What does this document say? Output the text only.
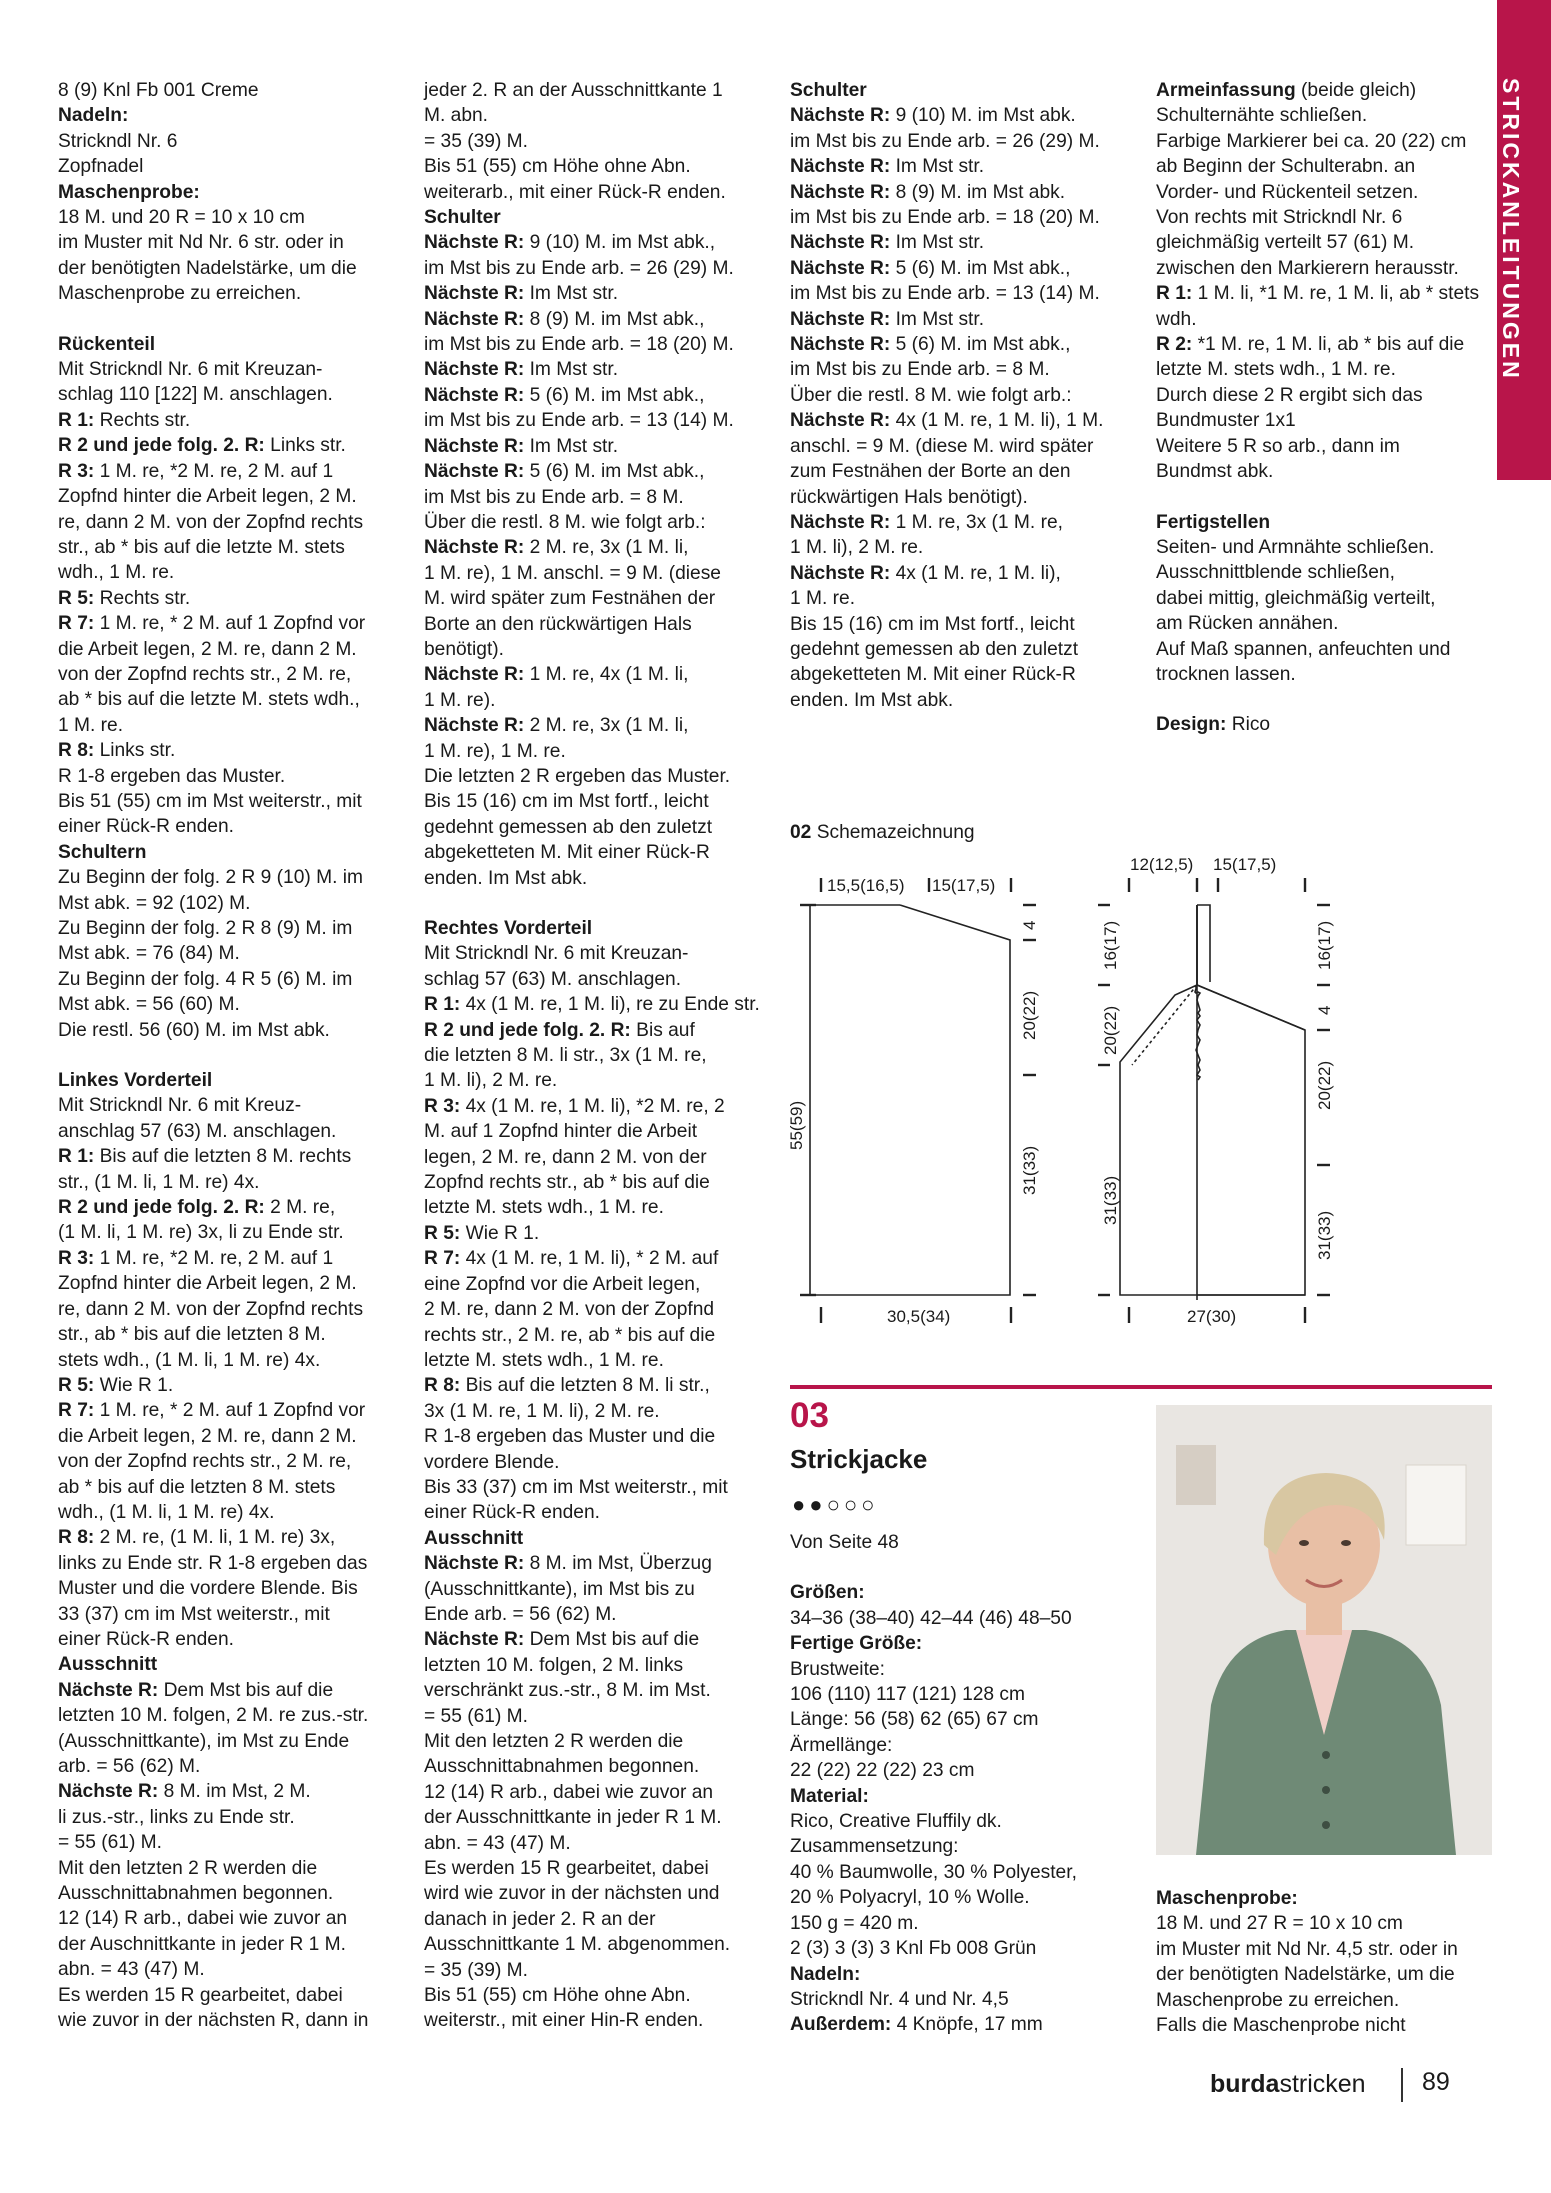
STRICKANLEITUNGEN

8 (9) Knl Fb 001 Creme

Nadeln:

Strickndl Nr. 6

Zopfnadel

Maschenprobe:

18 M. und 20 R = 10 x 10 cm

im Muster mit Nd Nr. 6 str. oder in

der benötigten Nadelstärke, um die

Maschenprobe zu erreichen.

Rückenteil

Mit Strickndl Nr. 6 mit Kreuzan-

schlag 110 [122] M. anschlagen.

R 1: Rechts str.

R 2 und jede folg. 2. R: Links str.

R 3: 1 M. re, *2 M. re, 2 M. auf 1

Zopfnd hinter die Arbeit legen, 2 M.

re, dann 2 M. von der Zopfnd rechts

str., ab * bis auf die letzte M. stets

wdh., 1 M. re.

R 5: Rechts str.

R 7: 1 M. re, * 2 M. auf 1 Zopfnd vor

die Arbeit legen, 2 M. re, dann 2 M.

von der Zopfnd rechts str., 2 M. re,

ab * bis auf die letzte M. stets wdh.,

1 M. re.

R 8: Links str.

R 1-8 ergeben das Muster.

Bis 51 (55) cm im Mst weiterstr., mit

einer Rück-R enden.

Schultern

Zu Beginn der folg. 2 R 9 (10) M. im

Mst abk. = 92 (102) M.

Zu Beginn der folg. 2 R 8 (9) M. im

Mst abk. = 76 (84) M.

Zu Beginn der folg. 4 R 5 (6) M. im

Mst abk. = 56 (60) M.

Die restl. 56 (60) M. im Mst abk.

Linkes Vorderteil

Mit Strickndl Nr. 6 mit Kreuz-

anschlag 57 (63) M. anschlagen.

R 1: Bis auf die letzten 8 M. rechts

str., (1 M. li, 1 M. re) 4x.

R 2 und jede folg. 2. R: 2 M. re,

(1 M. li, 1 M. re) 3x, li zu Ende str.

R 3: 1 M. re, *2 M. re, 2 M. auf 1

Zopfnd hinter die Arbeit legen, 2 M.

re, dann 2 M. von der Zopfnd rechts

str., ab * bis auf die letzten 8 M.

stets wdh., (1 M. li, 1 M. re) 4x.

R 5: Wie R 1.

R 7: 1 M. re, * 2 M. auf 1 Zopfnd vor

die Arbeit legen, 2 M. re, dann 2 M.

von der Zopfnd rechts str., 2 M. re,

ab * bis auf die letzten 8 M. stets

wdh., (1 M. li, 1 M. re) 4x.

R 8: 2 M. re, (1 M. li, 1 M. re) 3x,

links zu Ende str. R 1-8 ergeben das

Muster und die vordere Blende. Bis

33 (37) cm im Mst weiterstr., mit

einer Rück-R enden.

Ausschnitt

Nächste R: Dem Mst bis auf die

letzten 10 M. folgen, 2 M. re zus.-str.

(Ausschnittkante), im Mst zu Ende

arb. = 56 (62) M.

Nächste R: 8 M. im Mst, 2 M.

li zus.-str., links zu Ende str.

= 55 (61) M.

Mit den letzten 2 R werden die

Ausschnittabnahmen begonnen.

12 (14) R arb., dabei wie zuvor an

der Auschnittkante in jeder R 1 M.

abn. = 43 (47) M.

Es werden 15 R gearbeitet, dabei

wie zuvor in der nächsten R, dann in

jeder 2. R an der Ausschnittkante 1

M. abn.

= 35 (39) M.

Bis 51 (55) cm Höhe ohne Abn.

weiterarb., mit einer Rück-R enden.

Schulter

Nächste R: 9 (10) M. im Mst abk.,

im Mst bis zu Ende arb. = 26 (29) M.

Nächste R: Im Mst str.

Nächste R: 8 (9) M. im Mst abk.,

im Mst bis zu Ende arb. = 18 (20) M.

Nächste R: Im Mst str.

Nächste R: 5 (6) M. im Mst abk.,

im Mst bis zu Ende arb. = 13 (14) M.

Nächste R: Im Mst str.

Nächste R: 5 (6) M. im Mst abk.,

im Mst bis zu Ende arb. = 8 M.

Über die restl. 8 M. wie folgt arb.:

Nächste R: 2 M. re, 3x (1 M. li,

1 M. re), 1 M. anschl. = 9 M. (diese

M. wird später zum Festnähen der

Borte an den rückwärtigen Hals

benötigt).

Nächste R: 1 M. re, 4x (1 M. li,

1 M. re).

Nächste R: 2 M. re, 3x (1 M. li,

1 M. re), 1 M. re.

Die letzten 2 R ergeben das Muster.

Bis 15 (16) cm im Mst fortf., leicht

gedehnt gemessen ab den zuletzt

abgeketteten M. Mit einer Rück-R

enden. Im Mst abk.

Rechtes Vorderteil

Mit Strickndl Nr. 6 mit Kreuzan-

schlag 57 (63) M. anschlagen.

R 1: 4x (1 M. re, 1 M. li), re zu Ende str.

R 2 und jede folg. 2. R: Bis auf

die letzten 8 M. li str., 3x (1 M. re,

1 M. li), 2 M. re.

R 3: 4x (1 M. re, 1 M. li), *2 M. re, 2

M. auf 1 Zopfnd hinter die Arbeit

legen, 2 M. re, dann 2 M. von der

Zopfnd rechts str., ab * bis auf die

letzte M. stets wdh., 1 M. re.

R 5: Wie R 1.

R 7: 4x (1 M. re, 1 M. li), * 2 M. auf

eine Zopfnd vor die Arbeit legen,

2 M. re, dann 2 M. von der Zopfnd

rechts str., 2 M. re, ab * bis auf die

letzte M. stets wdh., 1 M. re.

R 8: Bis auf die letzten 8 M. li str.,

3x (1 M. re, 1 M. li), 2 M. re.

R 1-8 ergeben das Muster und die

vordere Blende.

Bis 33 (37) cm im Mst weiterstr., mit

einer Rück-R enden.

Ausschnitt

Nächste R: 8 M. im Mst, Überzug

(Ausschnittkante), im Mst bis zu

Ende arb. = 56 (62) M.

Nächste R: Dem Mst bis auf die

letzten 10 M. folgen, 2 M. links

verschränkt zus.-str., 8 M. im Mst.

= 55 (61) M.

Mit den letzten 2 R werden die

Ausschnittabnahmen begonnen.

12 (14) R arb., dabei wie zuvor an

der Ausschnittkante in jeder R 1 M.

abn. = 43 (47) M.

Es werden 15 R gearbeitet, dabei

wird wie zuvor in der nächsten und

danach in jeder 2. R an der

Ausschnittkante 1 M. abgenommen.

= 35 (39) M.

Bis 51 (55) cm Höhe ohne Abn.

weiterstr., mit einer Hin-R enden.

Schulter

Nächste R: 9 (10) M. im Mst abk.

im Mst bis zu Ende arb. = 26 (29) M.

Nächste R: Im Mst str.

Nächste R: 8 (9) M. im Mst abk.

im Mst bis zu Ende arb. = 18 (20) M.

Nächste R: Im Mst str.

Nächste R: 5 (6) M. im Mst abk.,

im Mst bis zu Ende arb. = 13 (14) M.

Nächste R: Im Mst str.

Nächste R: 5 (6) M. im Mst abk.,

im Mst bis zu Ende arb. = 8 M.

Über die restl. 8 M. wie folgt arb.:

Nächste R: 4x (1 M. re, 1 M. li), 1 M.

anschl. = 9 M. (diese M. wird später

zum Festnähen der Borte an den

rückwärtigen Hals benötigt).

Nächste R: 1 M. re, 3x (1 M. re,

1 M. li), 2 M. re.

Nächste R: 4x (1 M. re, 1 M. li),

1 M. re.

Bis 15 (16) cm im Mst fortf., leicht

gedehnt gemessen ab den zuletzt

abgeketteten M. Mit einer Rück-R

enden. Im Mst abk.

Armeinfassung (beide gleich)

Schulternähte schließen.

Farbige Markierer bei ca. 20 (22) cm

ab Beginn der Schulterabn. an

Vorder- und Rückenteil setzen.

Von rechts mit Strickndl Nr. 6

gleichmäßig verteilt 57 (61) M.

zwischen den Markierern herausstr.

R 1: 1 M. li, *1 M. re, 1 M. li, ab * stets

wdh.

R 2: *1 M. re, 1 M. li, ab * bis auf die

letzte M. stets wdh., 1 M. re.

Durch diese 2 R ergibt sich das

Bundmuster 1x1

Weitere 5 R so arb., dann im

Bundmst abk.

Fertigstellen

Seiten- und Armnähte schließen.

Ausschnittblende schließen,

dabei mittig, gleichmäßig verteilt,

am Rücken annähen.

Auf Maß spannen, anfeuchten und

trocknen lassen.

Design: Rico

Von Seite 48

Größen:

34–36 (38–40) 42–44 (46) 48–50

Fertige Größe:

Brustweite:

106 (110) 117 (121) 128 cm

Länge: 56 (58) 62 (65) 67 cm

Ärmellänge:

22 (22) 22 (22) 23 cm

Material:

Rico, Creative Fluffily dk.

Zusammensetzung:

40 % Baumwolle, 30 % Polyester,

20 % Polyacryl, 10 % Wolle.

150 g = 420 m.

2 (3) 3 (3) 3 Knl Fb 008 Grün

Nadeln:

Strickndl Nr. 4 und Nr. 4,5

Außerdem: 4 Knöpfe, 17 mm

Maschenprobe:

18 M. und 27 R = 10 x 10 cm

im Muster mit Nd Nr. 4,5 str. oder in

der benötigten Nadelstärke, um die

Maschenprobe zu erreichen.

Falls die Maschenprobe nicht

02 Schemazeichnung
15,5(16,5) 15(17,5)
30,5(34)
55(59)
4
20(22)
31(33)
12(12,5) 15(17,5)
27(30)
16(17)
20(22)
31(33)
16(17)
4
20(22)
31(33)
03
Strickjacke
●●○○○
burdastricken 89
